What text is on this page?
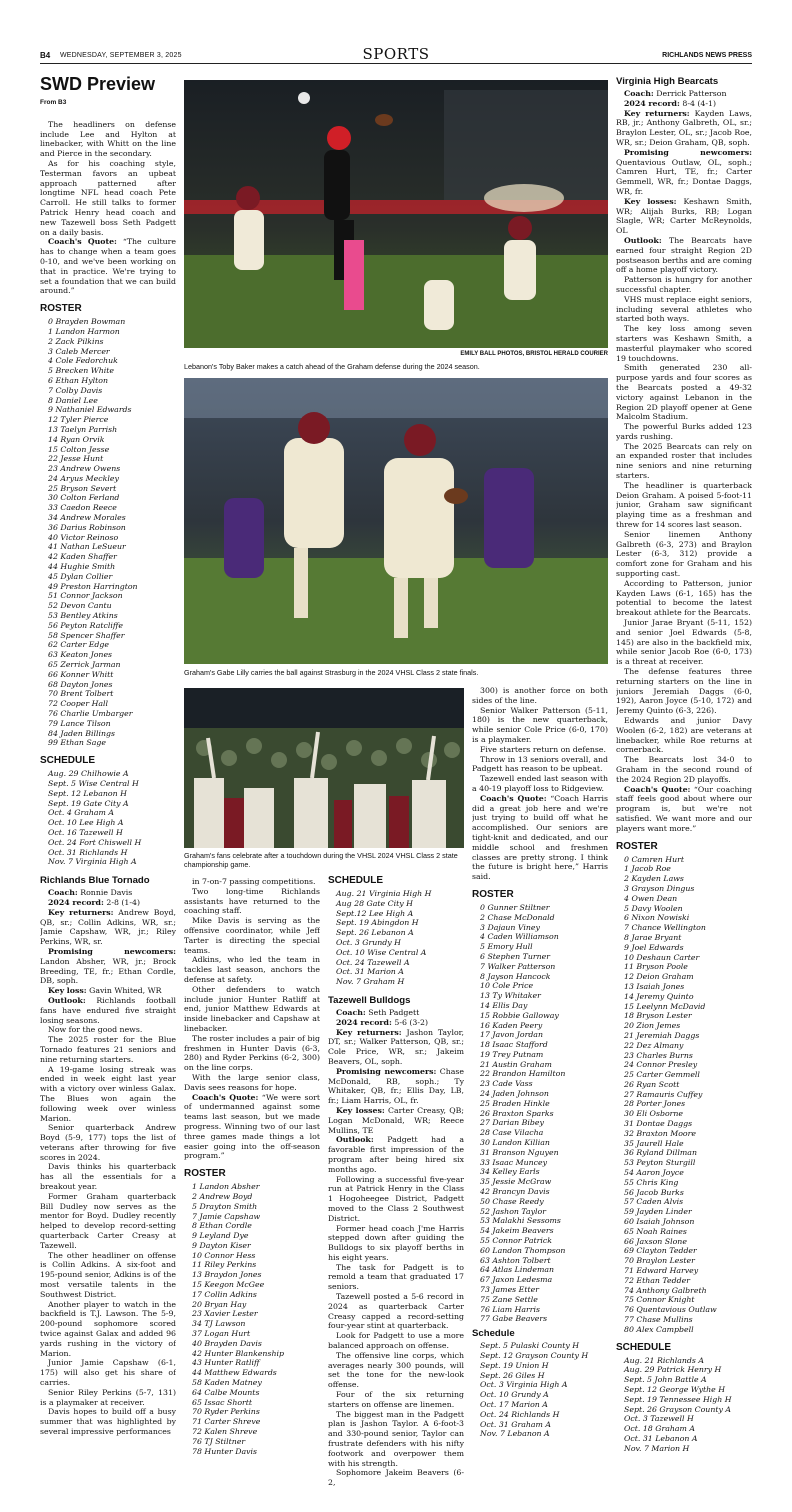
B4 WEDNESDAY, SEPTEMBER 3, 2025	SPORTS	RICHLANDS NEWS PRESS
SWD Preview
From B3

The headliners on defense include Lee and Hylton at linebacker, with Whitt on the line and Pierce in the secondary.

As for his coaching style, Testerman favors an upbeat approach patterned after longtime NFL head coach Pete Carroll. He still talks to former Patrick Henry head coach and new Tazewell boss Seth Padgett on a daily basis.

Coach's Quote: “The culture has to change when a team goes 0-10, and we've been working on that in practice. We're trying to set a foundation that we can build around.”

ROSTER
0 Brayden Bowman
1 Landon Harmon
2 Zack Pilkins
3 Caleb Mercer
4 Cole Fedorchuk
5 Brecken White
6 Ethan Hylton
7 Colby Davis
8 Daniel Lee
9 Nathaniel Edwards
12 Tyler Pierce
13 Taelyn Parrish
14 Ryan Orvik
15 Colton Jesse
22 Jesse Hunt
23 Andrew Owens
24 Aryus Meckley
25 Bryson Severt
30 Colton Ferland
33 Caedon Reece
34 Andrew Morales
36 Darius Robinson
40 Victor Reinoso
41 Nathan LeSueur
42 Kaden Shaffer
44 Hughie Smith
45 Dylan Collier
49 Preston Harrington
51 Connor Jackson
52 Devon Cantu
53 Bentley Atkins
56 Peyton Ratcliffe
58 Spencer Shaffer
62 Carter Edge
63 Keaton Jones
65 Zerrick Jarman
66 Konner Whitt
68 Dayton Jones
70 Brent Tolbert
72 Cooper Hall
76 Charlie Umbarger
79 Lance Tilson
84 Jaden Billings
99 Ethan Sage
SCHEDULE
Aug. 29 Chilhowie A
Sept. 5 Wise Central H
Sept. 12 Lebanon H
Sept. 19 Gate City A
Oct. 4 Graham A
Oct. 10 Lee High A
Oct. 16 Tazewell H
Oct. 24 Fort Chiswell H
Oct. 31 Richlands H
Nov. 7 Virginia High A
Richlands Blue Tornado

Coach: Ronnie Davis

2024 record: 2-8 (1-4)

Key returners: Andrew Boyd, QB, sr.; Collin Adkins, WR, sr.; Jamie Capshaw, WR, jr.; Riley Perkins, WR, sr.

Promising newcomers: Landon Absher, WR, jr.; Brock Breeding, TE, fr.; Ethan Cordle, DB, soph.

Key loss: Gavin Whited, WR

Outlook: Richlands football fans have endured five straight losing seasons.

Now for the good news.

The 2025 roster for the Blue Tornado features 21 seniors and nine returning starters.

A 19-game losing streak was ended in week eight last year with a victory over winless Galax. The Blues won again the following week over winless Marion.

Senior quarterback Andrew Boyd (5-9, 177) tops the list of veterans after throwing for five scores in 2024.

Davis thinks his quarterback has all the essentials for a breakout year.

Former Graham quarterback Bill Dudley now serves as the mentor for Boyd. Dudley recently helped to develop record-setting quarterback Carter Creasy at Tazewell.

The other headliner on offense is Collin Adkins. A six-foot and 195-pound senior, Adkins is of the most versatile talents in the Southwest District.

Another player to watch in the backfield is T.J. Lawson. The 5-9, 200-pound sophomore scored twice against Galax and added 96 yards rushing in the victory of Marion.

Junior Jamie Capshaw (6-1, 175) will also get his share of carries.

Senior Riley Perkins (5-7, 131) is a playmaker at receiver.

Davis hopes to build off a busy summer that was highlighted by several impressive performances

EMILY BALL PHOTOS, BRISTOL HERALD COURIER
Lebanon's Toby Baker makes a catch ahead of the Graham defense during the 2024 season.
Graham's Gabe Lilly carries the ball against Strasburg in the 2024 VHSL Class 2 state finals.
Graham's fans celebrate after a touchdown during the VHSL 2024 VHSL Class 2 state championship game.

in 7-on-7 passing competitions.

Two long-time Richlands assistants have returned to the coaching staff.

Mike Davis is serving as the offensive coordinator, while Jeff Tarter is directing the special teams.

Adkins, who led the team in tackles last season, anchors the defense at safety.

Other defenders to watch include junior Hunter Ratliff at end, junior Matthew Edwards at inside linebacker and Capshaw at linebacker.

The roster includes a pair of big freshmen in Hunter Davis (6-3, 280) and Ryder Perkins (6-2, 300) on the line corps.

With the large senior class, Davis sees reasons for hope.

Coach's Quote: “We were sort of undermanned against some teams last season, but we made progress. Winning two of our last three games made things a lot easier going into the off-season program.”

ROSTER
1 Landon Absher
2 Andrew Boyd
5 Drayton Smith
7 Jamie Capshaw
8 Ethan Cordle
9 Leyland Dye
9 Dayton Kiser
10 Connor Hess
11 Riley Perkins
13 Braydon Jones
15 Keegon McGee
17 Collin Adkins
20 Bryan Hay
23 Xavier Lester
34 TJ Lawson
37 Logan Hurt
40 Brayden Davis
42 Hunter Blankenship
43 Hunter Ratliff
44 Matthew Edwards
58 Kaden Matney
64 Calbe Mounts
65 Issac Shortt
70 Ryder Perkins
71 Carter Shreve
72 Kalen Shreve
76 TJ Stiltner
78 Hunter Davis
SCHEDULE
Aug. 21 Virginia High H
Aug 28 Gate City H
Sept.12 Lee High A
Sept. 19 Abingdon H
Sept. 26 Lebanon A
Oct. 3 Grundy H
Oct. 10 Wise Central A
Oct. 24 Tazewell A
Oct. 31 Marion A
Nov. 7 Graham H
Tazewell Bulldogs

Coach: Seth Padgett

2024 record: 5-6 (3-2)

Key returners: Jashon Taylor, DT, sr.; Walker Patterson, QB, sr.; Cole Price, WR, sr.; Jakeim Beavers, OL, soph.

Promising newcomers: Chase McDonald, RB, soph.; Ty Whitaker, QB, fr.; Ellis Day, LB, fr.; Liam Harris, OL, fr.

Key losses: Carter Creasy, QB; Logan McDonald, WR; Reece Mullins, TE

Outlook: Padgett had a favorable first impression of the program after being hired six months ago.

Following a successful five-year run at Patrick Henry in the Class 1 Hogoheegee District, Padgett moved to the Class 2 Southwest District.

Former head coach J'me Harris stepped down after guiding the Bulldogs to six playoff berths in his eight years.

The task for Padgett is to remold a team that graduated 17 seniors.

Tazewell posted a 5-6 record in 2024 as quarterback Carter Creasy capped a record-setting four-year stint at quarterback.

Look for Padgett to use a more balanced approach on offense.

The offensive line corps, which averages nearly 300 pounds, will set the tone for the new-look offense.

Four of the six returning starters on offense are linemen.

The biggest man in the Padgett plan is Jashon Taylor. A 6-foot-3 and 330-pound senior, Taylor can frustrate defenders with his nifty footwork and overpower them with his strength.

Sophomore Jakeim Beavers (6-2,

300) is another force on both sides of the line.

Senior Walker Patterson (5-11, 180) is the new quarterback, while senior Cole Price (6-0, 170) is a playmaker.

Five starters return on defense.

Throw in 13 seniors overall, and Padgett has reason to be upbeat.

Tazewell ended last season with a 40-19 playoff loss to Ridgeview.

Coach's Quote: “Coach Harris did a great job here and we're just trying to build off what he accomplished. Our seniors are tight-knit and dedicated, and our middle school and freshmen classes are pretty strong. I think the future is bright here,” Harris said.

ROSTER
0 Gunner Stiltner
2 Chase McDonald
3 Dajaun Viney
4 Caden Williamson
5 Emory Hull
6 Stephen Turner
7 Walker Patterson
8 Jayson Hancock
10 Cole Price
13 Ty Whitaker
14 Ellis Day
15 Robbie Galloway
16 Kaden Peery
17 Javon Jordan
18 Isaac Stafford
19 Trey Putnam
21 Austin Graham
22 Brandon Hamilton
23 Cade Vass
24 Jaden Johnson
25 Braden Hinkle
26 Braxton Sparks
27 Darian Bibey
28 Case Vilacha
30 Landon Killian
31 Branson Nguyen
33 Isaac Muncey
34 Kelley Earls
35 Jessie McGraw
42 Brancyn Davis
50 Chase Reedy
52 Jashon Taylor
53 Malakhi Sessoms
54 Jakeim Beavers
55 Connor Patrick
60 Landon Thompson
63 Ashton Tolbert
64 Atlas Lindeman
67 Jaxon Ledesma
73 James Etter
75 Zane Settle
76 Liam Harris
77 Gabe Beavers
Schedule
Sept. 5 Pulaski County H
Sept. 12 Grayson County H
Sept. 19 Union H
Sept. 26 Giles H
Oct. 3 Virginia High A
Oct. 10 Grundy A
Oct. 17 Marion A
Oct. 24 Richlands H
Oct. 31 Graham A
Nov. 7 Lebanon A
Virginia High Bearcats

Coach: Derrick Patterson

2024 record: 8-4 (4-1)

Key returners: Kayden Laws, RB, jr.; Anthony Galbreth, OL, sr.; Braylon Lester, OL, sr.; Jacob Roe, WR, sr.; Deion Graham, QB, soph.

Promising newcomers: Quentavious Outlaw, OL, soph.; Camren Hurt, TE, fr.; Carter Gemmell, WR, fr.; Dontae Daggs, WR, fr.

Key losses: Keshawn Smith, WR; Alijah Burks, RB; Logan Slagle, WR; Carter McReynolds, OL

Outlook: The Bearcats have earned four straight Region 2D postseason berths and are coming off a home playoff victory.

Patterson is hungry for another successful chapter.

VHS must replace eight seniors, including several athletes who started both ways.

The key loss among seven starters was Keshawn Smith, a masterful playmaker who scored 19 touchdowns.

Smith generated 230 all-purpose yards and four scores as the Bearcats posted a 49-32 victory against Lebanon in the Region 2D playoff opener at Gene Malcolm Stadium.

The powerful Burks added 123 yards rushing.

The 2025 Bearcats can rely on an expanded roster that includes nine seniors and nine returning starters.

The headliner is quarterback Deion Graham. A poised 5-foot-11 junior, Graham saw significant playing time as a freshman and threw for 14 scores last season.

Senior linemen Anthony Galbreth (6-3, 273) and Braylon Lester (6-3, 312) provide a comfort zone for Graham and his supporting cast.

According to Patterson, junior Kayden Laws (6-1, 165) has the potential to become the latest breakout athlete for the Bearcats.

Junior Jarae Bryant (5-11, 152) and senior Joel Edwards (5-8, 145) are also in the backfield mix, while senior Jacob Roe (6-0, 173) is a threat at receiver.

The defense features three returning starters on the line in juniors Jeremiah Daggs (6-0, 192), Aaron Joyce (5-10, 172) and Jeremy Quinto (6-3, 226).

Edwards and junior Davy Woolen (6-2, 182) are veterans at linebacker, while Roe returns at cornerback.

The Bearcats lost 34-0 to Graham in the second round of the 2024 Region 2D playoffs.

Coach's Quote: “Our coaching staff feels good about where our program is, but we're not satisfied. We want more and our players want more.”

ROSTER
0 Camren Hurt
1 Jacob Roe
2 Kayden Laws
3 Grayson Dingus
4 Owen Dean
5 Davy Woolen
6 Nixon Nowiski
7 Chance Wellington
8 Jarae Bryant
9 Joel Edwards
10 Deshaun Carter
11 Bryson Poole
12 Deion Graham
13 Isaiah Jones
14 Jeremy Quinto
15 Leelynn McDavid
18 Bryson Lester
20 Zion Jemes
21 Jeremiah Daggs
22 Dez Almany
23 Charles Burns
24 Connor Presley
25 Carter Gemmell
26 Ryan Scott
27 Ramauris Cuffey
28 Porter Jones
30 Eli Osborne
31 Dontae Daggs
32 Braxton Moore
35 Jaurell Hale
36 Ryland Dillman
53 Peyton Sturgill
54 Aaron Joyce
55 Chris King
56 Jacob Burks
57 Caden Alvis
59 Jayden Linder
60 Isaiah Johnson
65 Noah Raines
66 Jaxson Slone
69 Clayton Tedder
70 Braylon Lester
71 Edward Harvey
72 Ethan Tedder
74 Anthony Galbreth
75 Connor Knight
76 Quentavious Outlaw
77 Chase Mullins
80 Alex Campbell
SCHEDULE
Aug. 21 Richlands A
Aug. 29 Patrick Henry H
Sept. 5 John Battle A
Sept. 12 George Wythe H
Sept. 19 Tennessee High H
Sept. 26 Grayson County A
Oct. 3 Tazewell H
Oct. 18 Graham A
Oct. 31 Lebanon A
Nov. 7 Marion H
